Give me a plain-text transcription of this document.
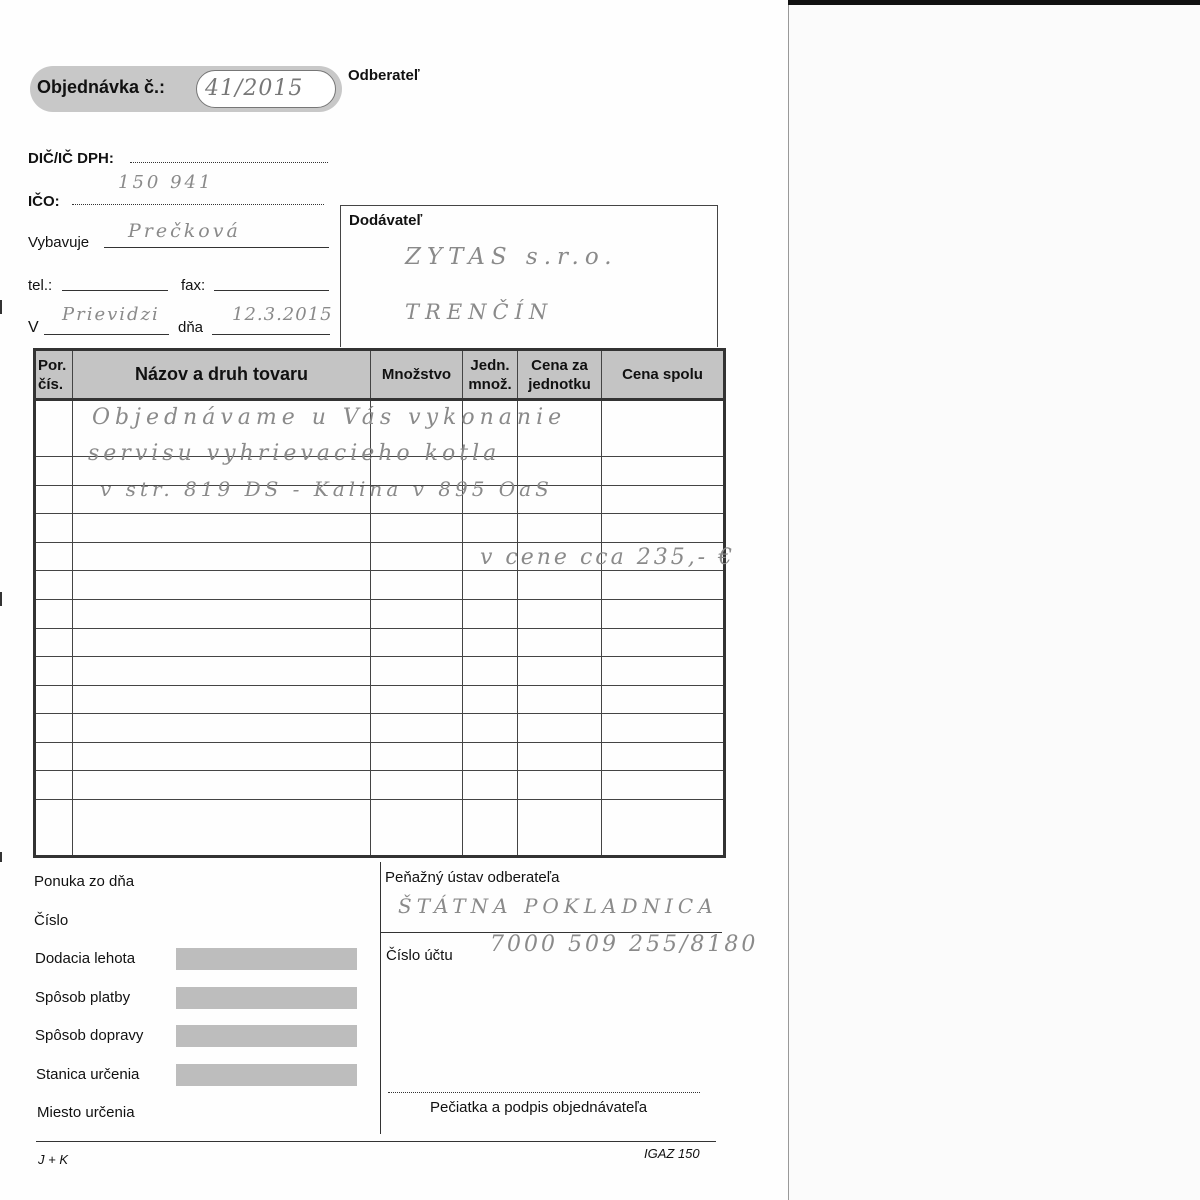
Objednávka č.: 41/2015
Odberateľ
DIČ/IČ DPH:
150 941
IČO:
Vybavuje
Prečková
tel.:	fax:
V
Prievidzi
dňa
12.3.2015
Dodávateľ
ZYTAS s.r.o.
TRENČÍN
Por. čís.	Názov a druh tovaru	Množstvo	Jedn. množ.	Cena za jednotku	Cena spolu

Objednávame u Vás vykonanie
servisu vyhrievacieho kotla
v str. 819 DS - Kalina v 895 OaS
v cene cca 235,- €
Ponuka zo dňa
Číslo
Dodacia lehota
Spôsob platby
Spôsob dopravy
Stanica určenia
Miesto určenia
Peňažný ústav odberateľa
ŠTÁTNA POKLADNICA
Číslo účtu 7000 509 255/8180
Pečiatka a podpis objednávateľa
J + K	IGAZ 150
